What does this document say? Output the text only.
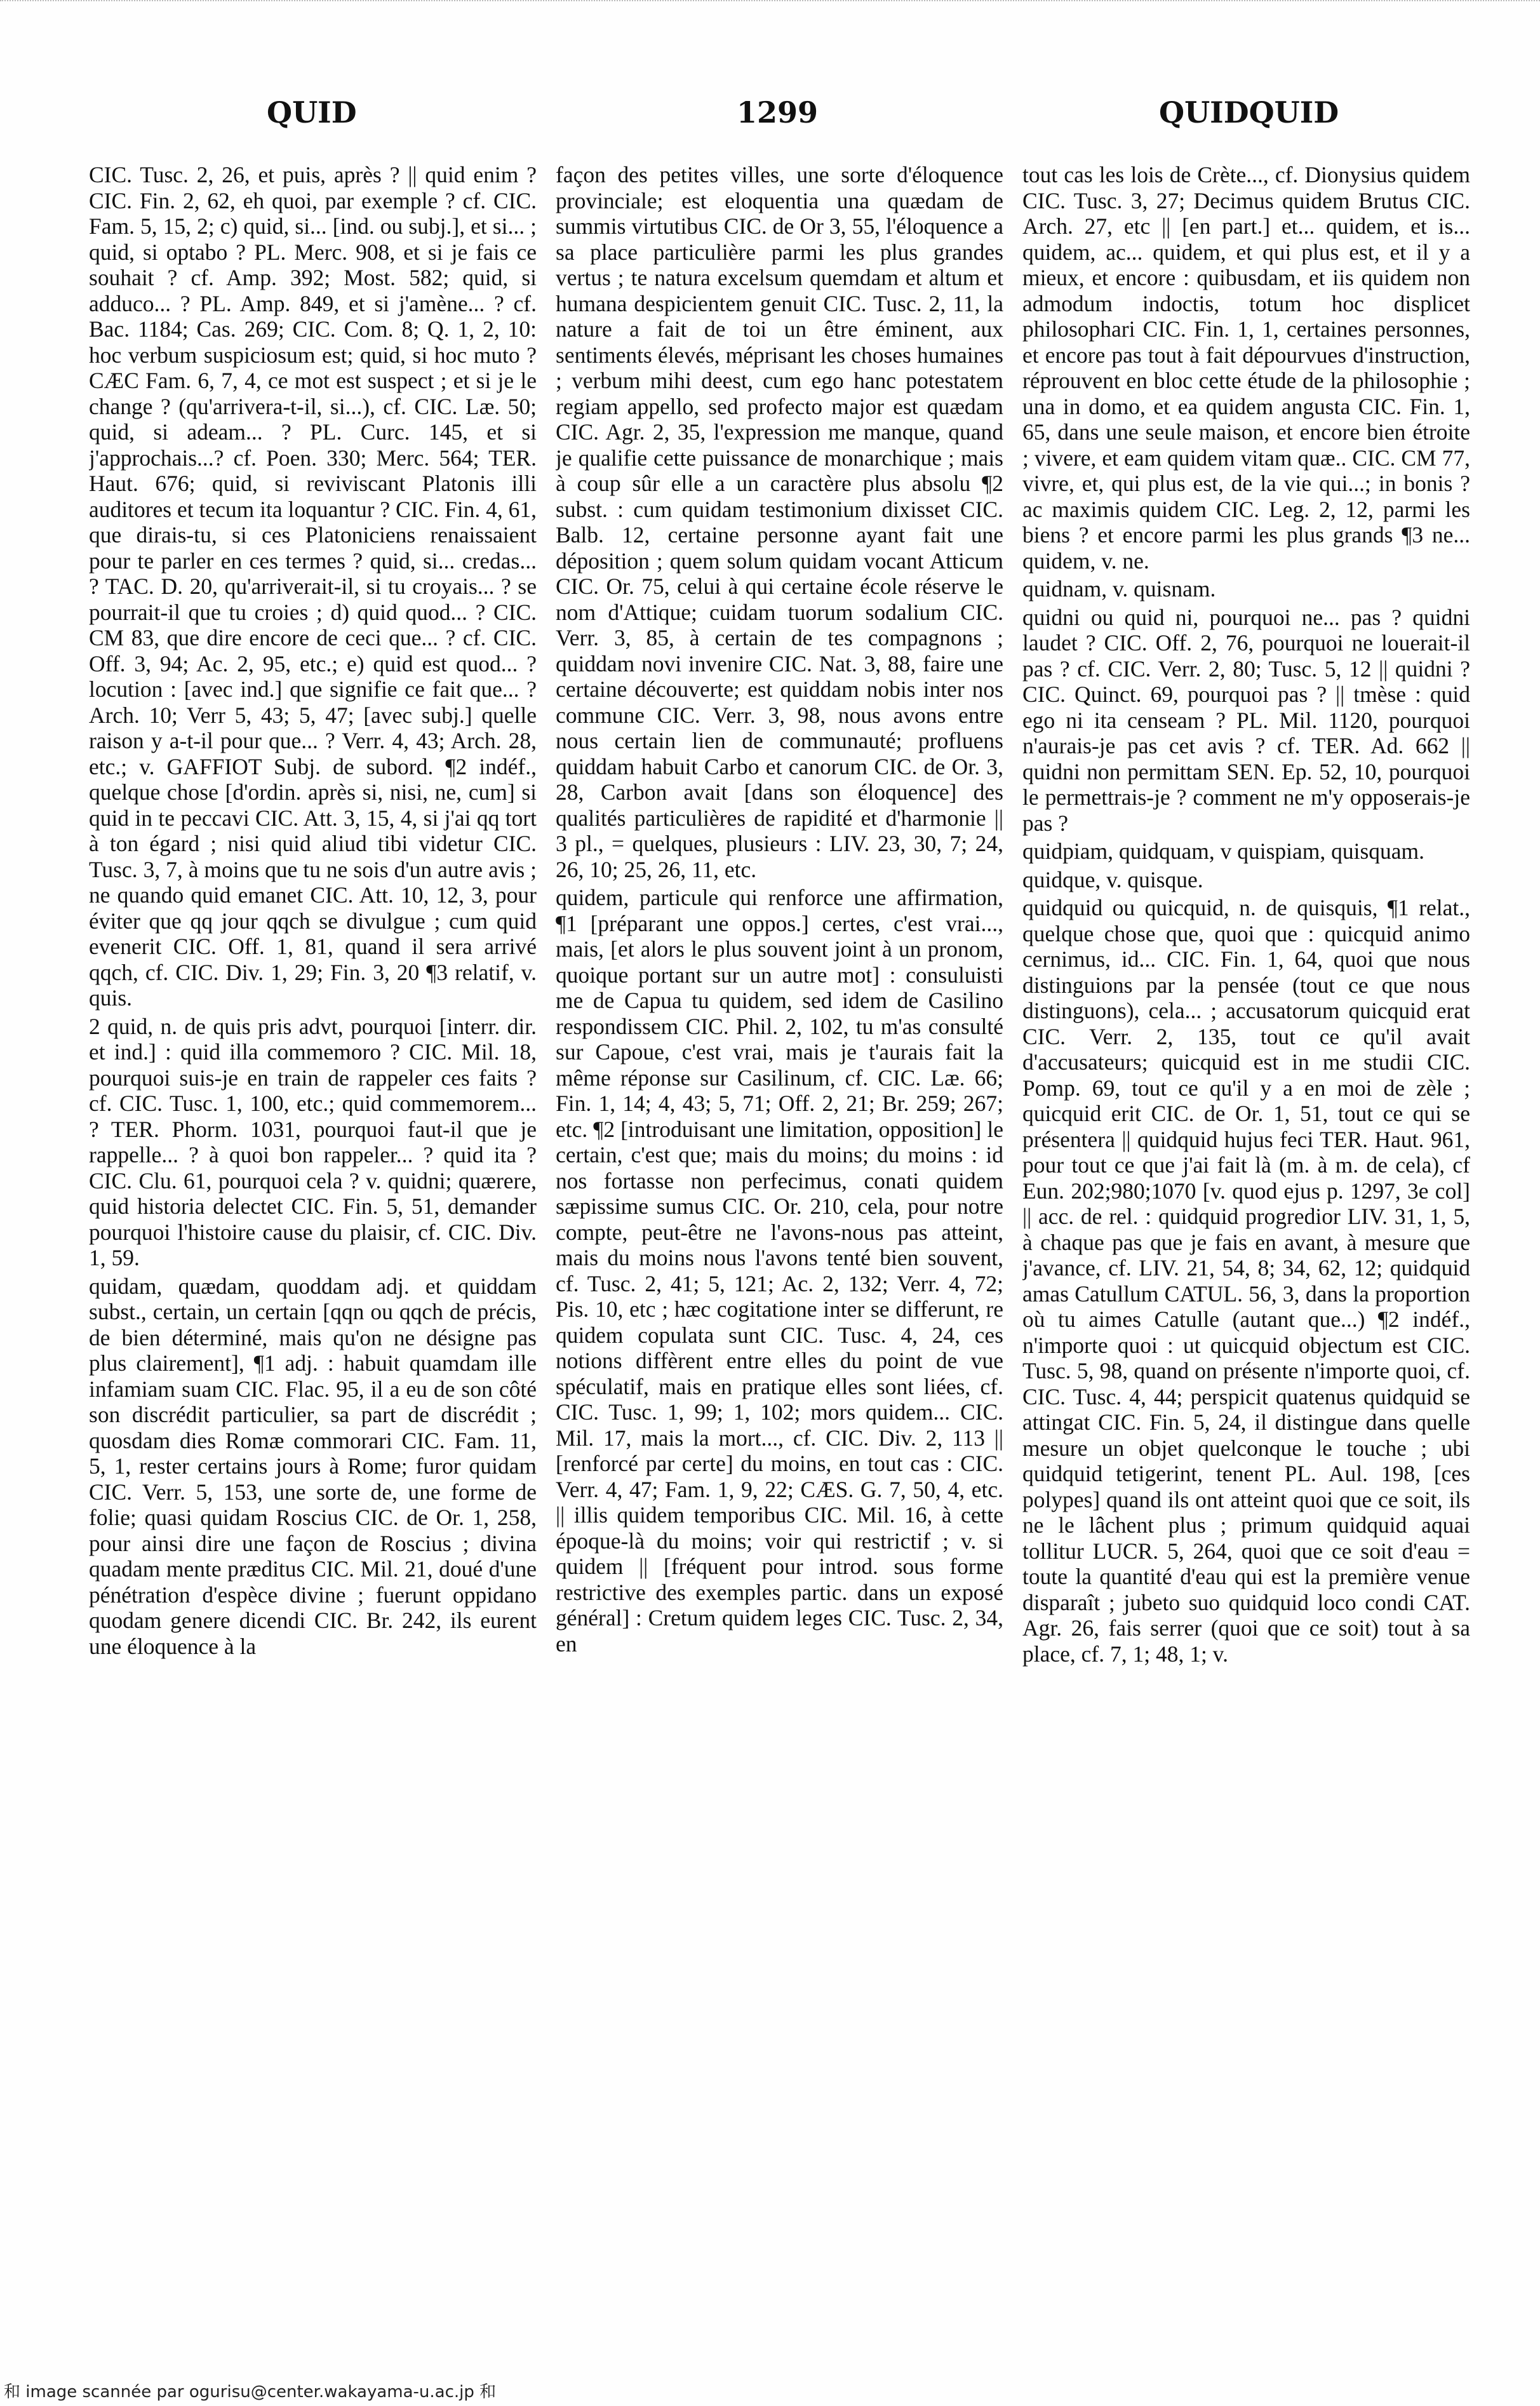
QUID	1299	QUIDQUID

CIC. Tusc. 2, 26, et puis, après ? || quid enim ? CIC. Fin. 2, 62, eh quoi, par exemple ? cf. CIC. Fam. 5, 15, 2; c) quid, si... [ind. ou subj.], et si... ; quid, si optabo ? PL. Merc. 908, et si je fais ce souhait ? cf. Amp. 392; Most. 582; quid, si adduco... ? PL. Amp. 849, et si j'amène... ? cf. Bac. 1184; Cas. 269; CIC. Com. 8; Q. 1, 2, 10: hoc verbum suspiciosum est; quid, si hoc muto ? CÆC Fam. 6, 7, 4, ce mot est suspect ; et si je le change ? (qu'arrivera-t-il, si...), cf. CIC. Læ. 50; quid, si adeam... ? PL. Curc. 145, et si j'approchais...? cf. Poen. 330; Merc. 564; TER. Haut. 676; quid, si reviviscant Platonis illi auditores et tecum ita loquantur ? CIC. Fin. 4, 61, que dirais-tu, si ces Platoniciens renaissaient pour te parler en ces termes ? quid, si... credas... ? TAC. D. 20, qu'arriverait-il, si tu croyais... ? se pourrait-il que tu croies ; d) quid quod... ? CIC. CM 83, que dire encore de ceci que... ? cf. CIC. Off. 3, 94; Ac. 2, 95, etc.; e) quid est quod... ? locution : [avec ind.] que signifie ce fait que... ? Arch. 10; Verr 5, 43; 5, 47; [avec subj.] quelle raison y a-t-il pour que... ? Verr. 4, 43; Arch. 28, etc.; v. GAFFIOT Subj. de subord. ¶2 indéf., quelque chose [d'ordin. après si, nisi, ne, cum] si quid in te peccavi CIC. Att. 3, 15, 4, si j'ai qq tort à ton égard ; nisi quid aliud tibi videtur CIC. Tusc. 3, 7, à moins que tu ne sois d'un autre avis ; ne quando quid emanet CIC. Att. 10, 12, 3, pour éviter que qq jour qqch se divulgue ; cum quid evenerit CIC. Off. 1, 81, quand il sera arrivé qqch, cf. CIC. Div. 1, 29; Fin. 3, 20 ¶3 relatif, v. quis.

2 quid, n. de quis pris advt, pourquoi [interr. dir. et ind.] : quid illa commemoro ? CIC. Mil. 18, pourquoi suis-je en train de rappeler ces faits ? cf. CIC. Tusc. 1, 100, etc.; quid commemorem... ? TER. Phorm. 1031, pourquoi faut-il que je rappelle... ? à quoi bon rappeler... ? quid ita ? CIC. Clu. 61, pourquoi cela ? v. quidni; quærere, quid historia delectet CIC. Fin. 5, 51, demander pourquoi l'histoire cause du plaisir, cf. CIC. Div. 1, 59.

quidam, quædam, quoddam adj. et quiddam subst., certain, un certain [qqn ou qqch de précis, de bien déterminé, mais qu'on ne désigne pas plus clairement], ¶1 adj. : habuit quamdam ille infamiam suam CIC. Flac. 95, il a eu de son côté son discrédit particulier, sa part de discrédit ; quosdam dies Romæ commorari CIC. Fam. 11, 5, 1, rester certains jours à Rome; furor quidam CIC. Verr. 5, 153, une sorte de, une forme de folie; quasi quidam Roscius CIC. de Or. 1, 258, pour ainsi dire une façon de Roscius ; divina quadam mente præditus CIC. Mil. 21, doué d'une pénétration d'espèce divine ; fuerunt oppidano quodam genere dicendi CIC. Br. 242, ils eurent une éloquence à la

façon des petites villes, une sorte d'éloquence provinciale; est eloquentia una quædam de summis virtutibus CIC. de Or 3, 55, l'éloquence a sa place particulière parmi les plus grandes vertus ; te natura excelsum quemdam et altum et humana despicientem genuit CIC. Tusc. 2, 11, la nature a fait de toi un être éminent, aux sentiments élevés, méprisant les choses humaines ; verbum mihi deest, cum ego hanc potestatem regiam appello, sed profecto major est quædam CIC. Agr. 2, 35, l'expression me manque, quand je qualifie cette puissance de monarchique ; mais à coup sûr elle a un caractère plus absolu ¶2 subst. : cum quidam testimonium dixisset CIC. Balb. 12, certaine personne ayant fait une déposition ; quem solum quidam vocant Atticum CIC. Or. 75, celui à qui certaine école réserve le nom d'Attique; cuidam tuorum sodalium CIC. Verr. 3, 85, à certain de tes compagnons ; quiddam novi invenire CIC. Nat. 3, 88, faire une certaine découverte; est quiddam nobis inter nos commune CIC. Verr. 3, 98, nous avons entre nous certain lien de communauté; profluens quiddam habuit Carbo et canorum CIC. de Or. 3, 28, Carbon avait [dans son éloquence] des qualités particulières de rapidité et d'harmonie || 3 pl., = quelques, plusieurs : LIV. 23, 30, 7; 24, 26, 10; 25, 26, 11, etc.

quidem, particule qui renforce une affirmation, ¶1 [préparant une oppos.] certes, c'est vrai..., mais, [et alors le plus souvent joint à un pronom, quoique portant sur un autre mot] : consuluisti me de Capua tu quidem, sed idem de Casilino respondissem CIC. Phil. 2, 102, tu m'as consulté sur Capoue, c'est vrai, mais je t'aurais fait la même réponse sur Casilinum, cf. CIC. Læ. 66; Fin. 1, 14; 4, 43; 5, 71; Off. 2, 21; Br. 259; 267; etc. ¶2 [introduisant une limitation, opposition] le certain, c'est que; mais du moins; du moins : id nos fortasse non perfecimus, conati quidem sæpissime sumus CIC. Or. 210, cela, pour notre compte, peut-être ne l'avons-nous pas atteint, mais du moins nous l'avons tenté bien souvent, cf. Tusc. 2, 41; 5, 121; Ac. 2, 132; Verr. 4, 72; Pis. 10, etc ; hæc cogitatione inter se differunt, re quidem copulata sunt CIC. Tusc. 4, 24, ces notions diffèrent entre elles du point de vue spéculatif, mais en pratique elles sont liées, cf. CIC. Tusc. 1, 99; 1, 102; mors quidem... CIC. Mil. 17, mais la mort..., cf. CIC. Div. 2, 113 || [renforcé par certe] du moins, en tout cas : CIC. Verr. 4, 47; Fam. 1, 9, 22; CÆS. G. 7, 50, 4, etc. || illis quidem temporibus CIC. Mil. 16, à cette époque-là du moins; voir qui restrictif ; v. si quidem || [fréquent pour introd. sous forme restrictive des exemples partic. dans un exposé général] : Cretum quidem leges CIC. Tusc. 2, 34, en

tout cas les lois de Crète..., cf. Dionysius quidem CIC. Tusc. 3, 27; Decimus quidem Brutus CIC. Arch. 27, etc || [en part.] et... quidem, et is... quidem, ac... quidem, et qui plus est, et il y a mieux, et encore : quibusdam, et iis quidem non admodum indoctis, totum hoc displicet philosophari CIC. Fin. 1, 1, certaines personnes, et encore pas tout à fait dépourvues d'instruction, réprouvent en bloc cette étude de la philosophie ; una in domo, et ea quidem angusta CIC. Fin. 1, 65, dans une seule maison, et encore bien étroite ; vivere, et eam quidem vitam quæ.. CIC. CM 77, vivre, et, qui plus est, de la vie qui...; in bonis ? ac maximis quidem CIC. Leg. 2, 12, parmi les biens ? et encore parmi les plus grands ¶3 ne... quidem, v. ne.

quidnam, v. quisnam.

quidni ou quid ni, pourquoi ne... pas ? quidni laudet ? CIC. Off. 2, 76, pourquoi ne louerait-il pas ? cf. CIC. Verr. 2, 80; Tusc. 5, 12 || quidni ? CIC. Quinct. 69, pourquoi pas ? || tmèse : quid ego ni ita censeam ? PL. Mil. 1120, pourquoi n'aurais-je pas cet avis ? cf. TER. Ad. 662 || quidni non permittam SEN. Ep. 52, 10, pourquoi le permettrais-je ? comment ne m'y opposerais-je pas ?

quidpiam, quidquam, v quispiam, quisquam.

quidque, v. quisque.

quidquid ou quicquid, n. de quisquis, ¶1 relat., quelque chose que, quoi que : quicquid animo cernimus, id... CIC. Fin. 1, 64, quoi que nous distinguions par la pensée (tout ce que nous distinguons), cela... ; accusatorum quicquid erat CIC. Verr. 2, 135, tout ce qu'il avait d'accusateurs; quicquid est in me studii CIC. Pomp. 69, tout ce qu'il y a en moi de zèle ; quicquid erit CIC. de Or. 1, 51, tout ce qui se présentera || quidquid hujus feci TER. Haut. 961, pour tout ce que j'ai fait là (m. à m. de cela), cf Eun. 202;980;1070 [v. quod ejus p. 1297, 3e col] || acc. de rel. : quidquid progredior LIV. 31, 1, 5, à chaque pas que je fais en avant, à mesure que j'avance, cf. LIV. 21, 54, 8; 34, 62, 12; quidquid amas Catullum CATUL. 56, 3, dans la proportion où tu aimes Catulle (autant que...) ¶2 indéf., n'importe quoi : ut quicquid objectum est CIC. Tusc. 5, 98, quand on présente n'importe quoi, cf. CIC. Tusc. 4, 44; perspicit quatenus quidquid se attingat CIC. Fin. 5, 24, il distingue dans quelle mesure un objet quelconque le touche ; ubi quidquid tetigerint, tenent PL. Aul. 198, [ces polypes] quand ils ont atteint quoi que ce soit, ils ne le lâchent plus ; primum quidquid aquai tollitur LUCR. 5, 264, quoi que ce soit d'eau = toute la quantité d'eau qui est la première venue disparaît ; jubeto suo quidquid loco condi CAT. Agr. 26, fais serrer (quoi que ce soit) tout à sa place, cf. 7, 1; 48, 1; v.

和 image scannée par ogurisu@center.wakayama-u.ac.jp 和
